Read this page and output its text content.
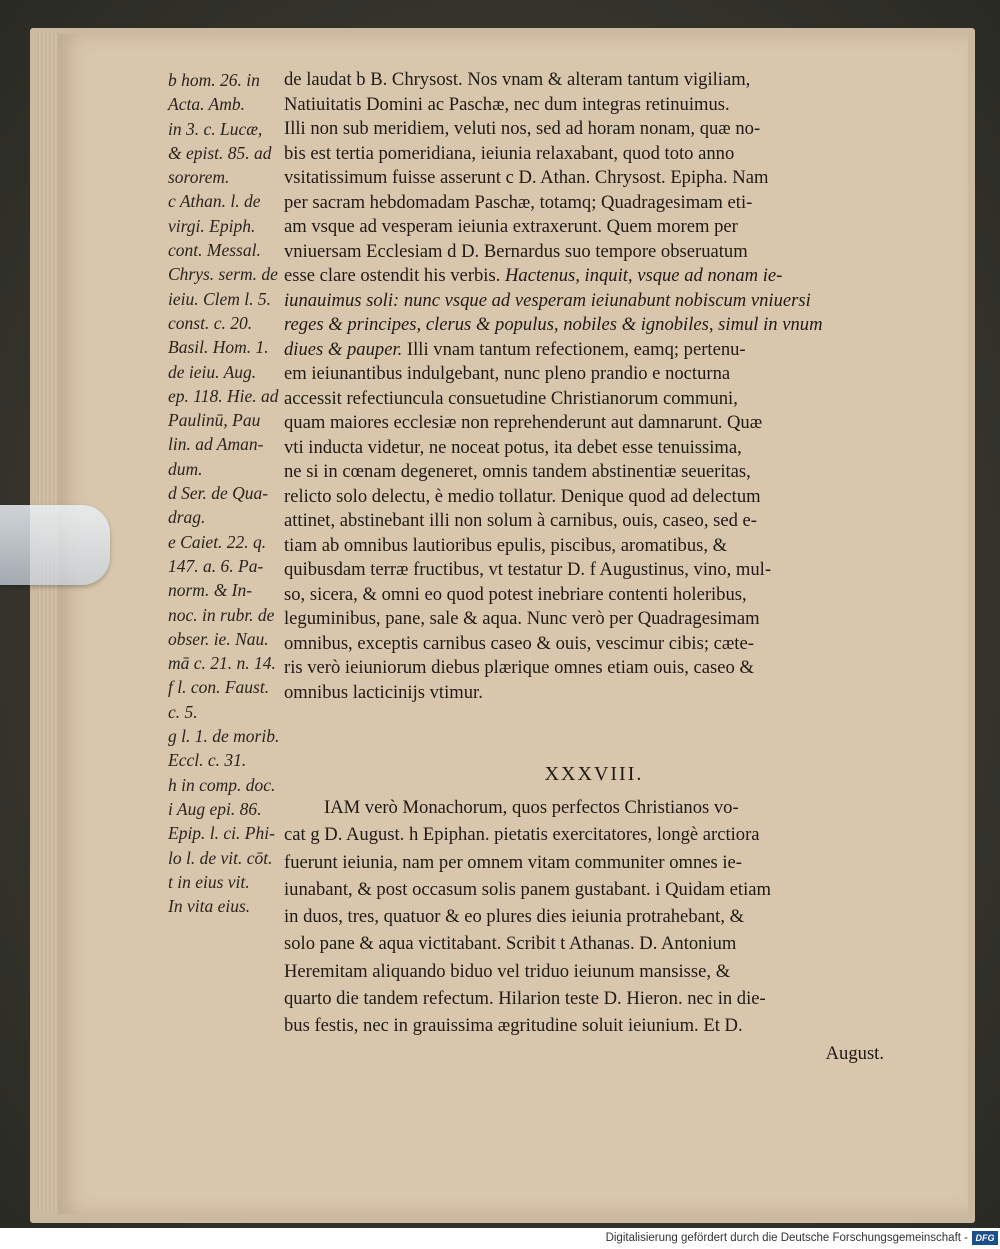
b hom. 26. in
Acta. Amb.
in 3. c. Lucæ,
& epist. 85. ad
sororem.
c Athan. l. de
virgi. Epiph.
cont. Messal.
Chrys. serm. de
ieiu. Clem l. 5.
const. c. 20.
Basil. Hom. 1.
de ieiu. Aug.
ep. 118. Hie. ad
Paulinū, Pau
lin. ad Aman-
dum.
d Ser. de Qua-
drag.
e Caiet. 22. q.
147. a. 6. Pa-
norm. & In-
noc. in rubr. de
obser. ie. Nau.
mā c. 21. n. 14.
f l. con. Faust.
c. 5.
g l. 1. de morib.
Eccl. c. 31.
h in comp. doc.
i Aug epi. 86.
Epip. l. ci. Phi-
lo l. de vit. cōt.
t in eius vit.
In vita eius.
de laudat b B. Chrysost. Nos vnam & alteram tantum vigiliam,
Natiuitatis Domini ac Paschæ, nec dum integras retinuimus.
Illi non sub meridiem, veluti nos, sed ad horam nonam, quæ no-
bis est tertia pomeridiana, ieiunia relaxabant, quod toto anno
vsitatissimum fuisse asserunt c D. Athan. Chrysost. Epipha. Nam
per sacram hebdomadam Paschæ, totamq; Quadragesimam eti-
am vsque ad vesperam ieiunia extraxerunt. Quem morem per
vniuersam Ecclesiam d D. Bernardus suo tempore obseruatum
esse clare ostendit his verbis. Hactenus, inquit, vsque ad nonam ie-
iunauimus soli: nunc vsque ad vesperam ieiunabunt nobiscum vniuersi
reges & principes, clerus & populus, nobiles & ignobiles, simul in vnum
diues & pauper. Illi vnam tantum refectionem, eamq; pertenu-
em ieiunantibus indulgebant, nunc pleno prandio e nocturna
accessit refectiuncula consuetudine Christianorum communi,
quam maiores ecclesiæ non reprehenderunt aut damnarunt. Quæ
vti inducta videtur, ne noceat potus, ita debet esse tenuissima,
ne si in cœnam degeneret, omnis tandem abstinentiæ seueritas,
relicto solo delectu, è medio tollatur. Denique quod ad delectum
attinet, abstinebant illi non solum à carnibus, ouis, caseo, sed e-
tiam ab omnibus lautioribus epulis, piscibus, aromatibus, &
quibusdam terræ fructibus, vt testatur D. f Augustinus, vino, mul-
so, sicera, & omni eo quod potest inebriare contenti holeribus,
leguminibus, pane, sale & aqua. Nunc verò per Quadragesimam
omnibus, exceptis carnibus caseo & ouis, vescimur cibis; cæte-
ris verò ieiuniorum diebus plærique omnes etiam ouis, caseo &
omnibus lacticinijs vtimur.
XXXVIII.
IAM verò Monachorum, quos perfectos Christianos vo-
cat g D. August. h Epiphan. pietatis exercitatores, longè arctiora
fuerunt ieiunia, nam per omnem vitam communiter omnes ie-
iunabant, & post occasum solis panem gustabant. i Quidam etiam
in duos, tres, quatuor & eo plures dies ieiunia protrahebant, &
solo pane & aqua victitabant. Scribit t Athanas. D. Antonium
Heremitam aliquando biduo vel triduo ieiunum mansisse, &
quarto die tandem refectum. Hilarion teste D. Hieron. nec in die-
bus festis, nec in grauissima ægritudine soluit ieiunium. Et D.
August.
Digitalisierung gefördert durch die Deutsche Forschungsgemeinschaft - DFG
